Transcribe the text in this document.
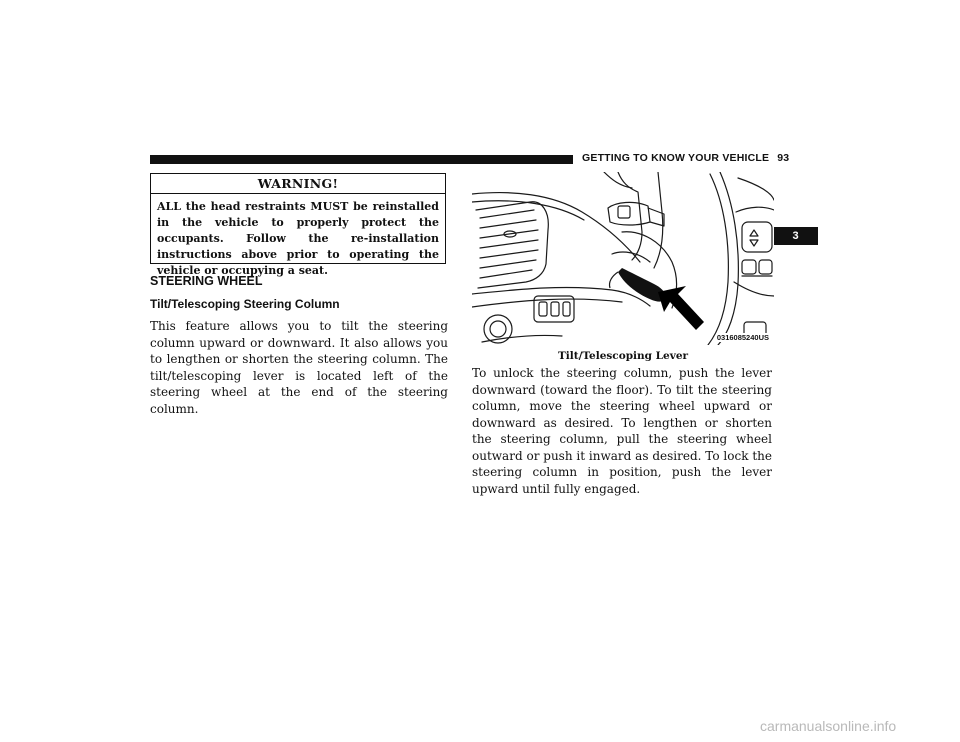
GETTING TO KNOW YOUR VEHICLE 93
3
WARNING!
ALL the head restraints MUST be reinstalled in the vehicle to properly protect the occupants. Follow the re-installation instructions above prior to operating the vehicle or occupying a seat.
STEERING WHEEL
Tilt/Telescoping Steering Column
This feature allows you to tilt the steering column upward or downward. It also allows you to lengthen or shorten the steering column. The tilt/telescoping lever is located left of the steering wheel at the end of the steering column.
0316085240US
Tilt/Telescoping Lever
To unlock the steering column, push the lever downward (toward the floor). To tilt the steering column, move the steering wheel upward or downward as desired. To lengthen or shorten the steering column, pull the steering wheel outward or push it inward as desired. To lock the steering column in position, push the lever upward until fully engaged.
carmanualsonline.info
